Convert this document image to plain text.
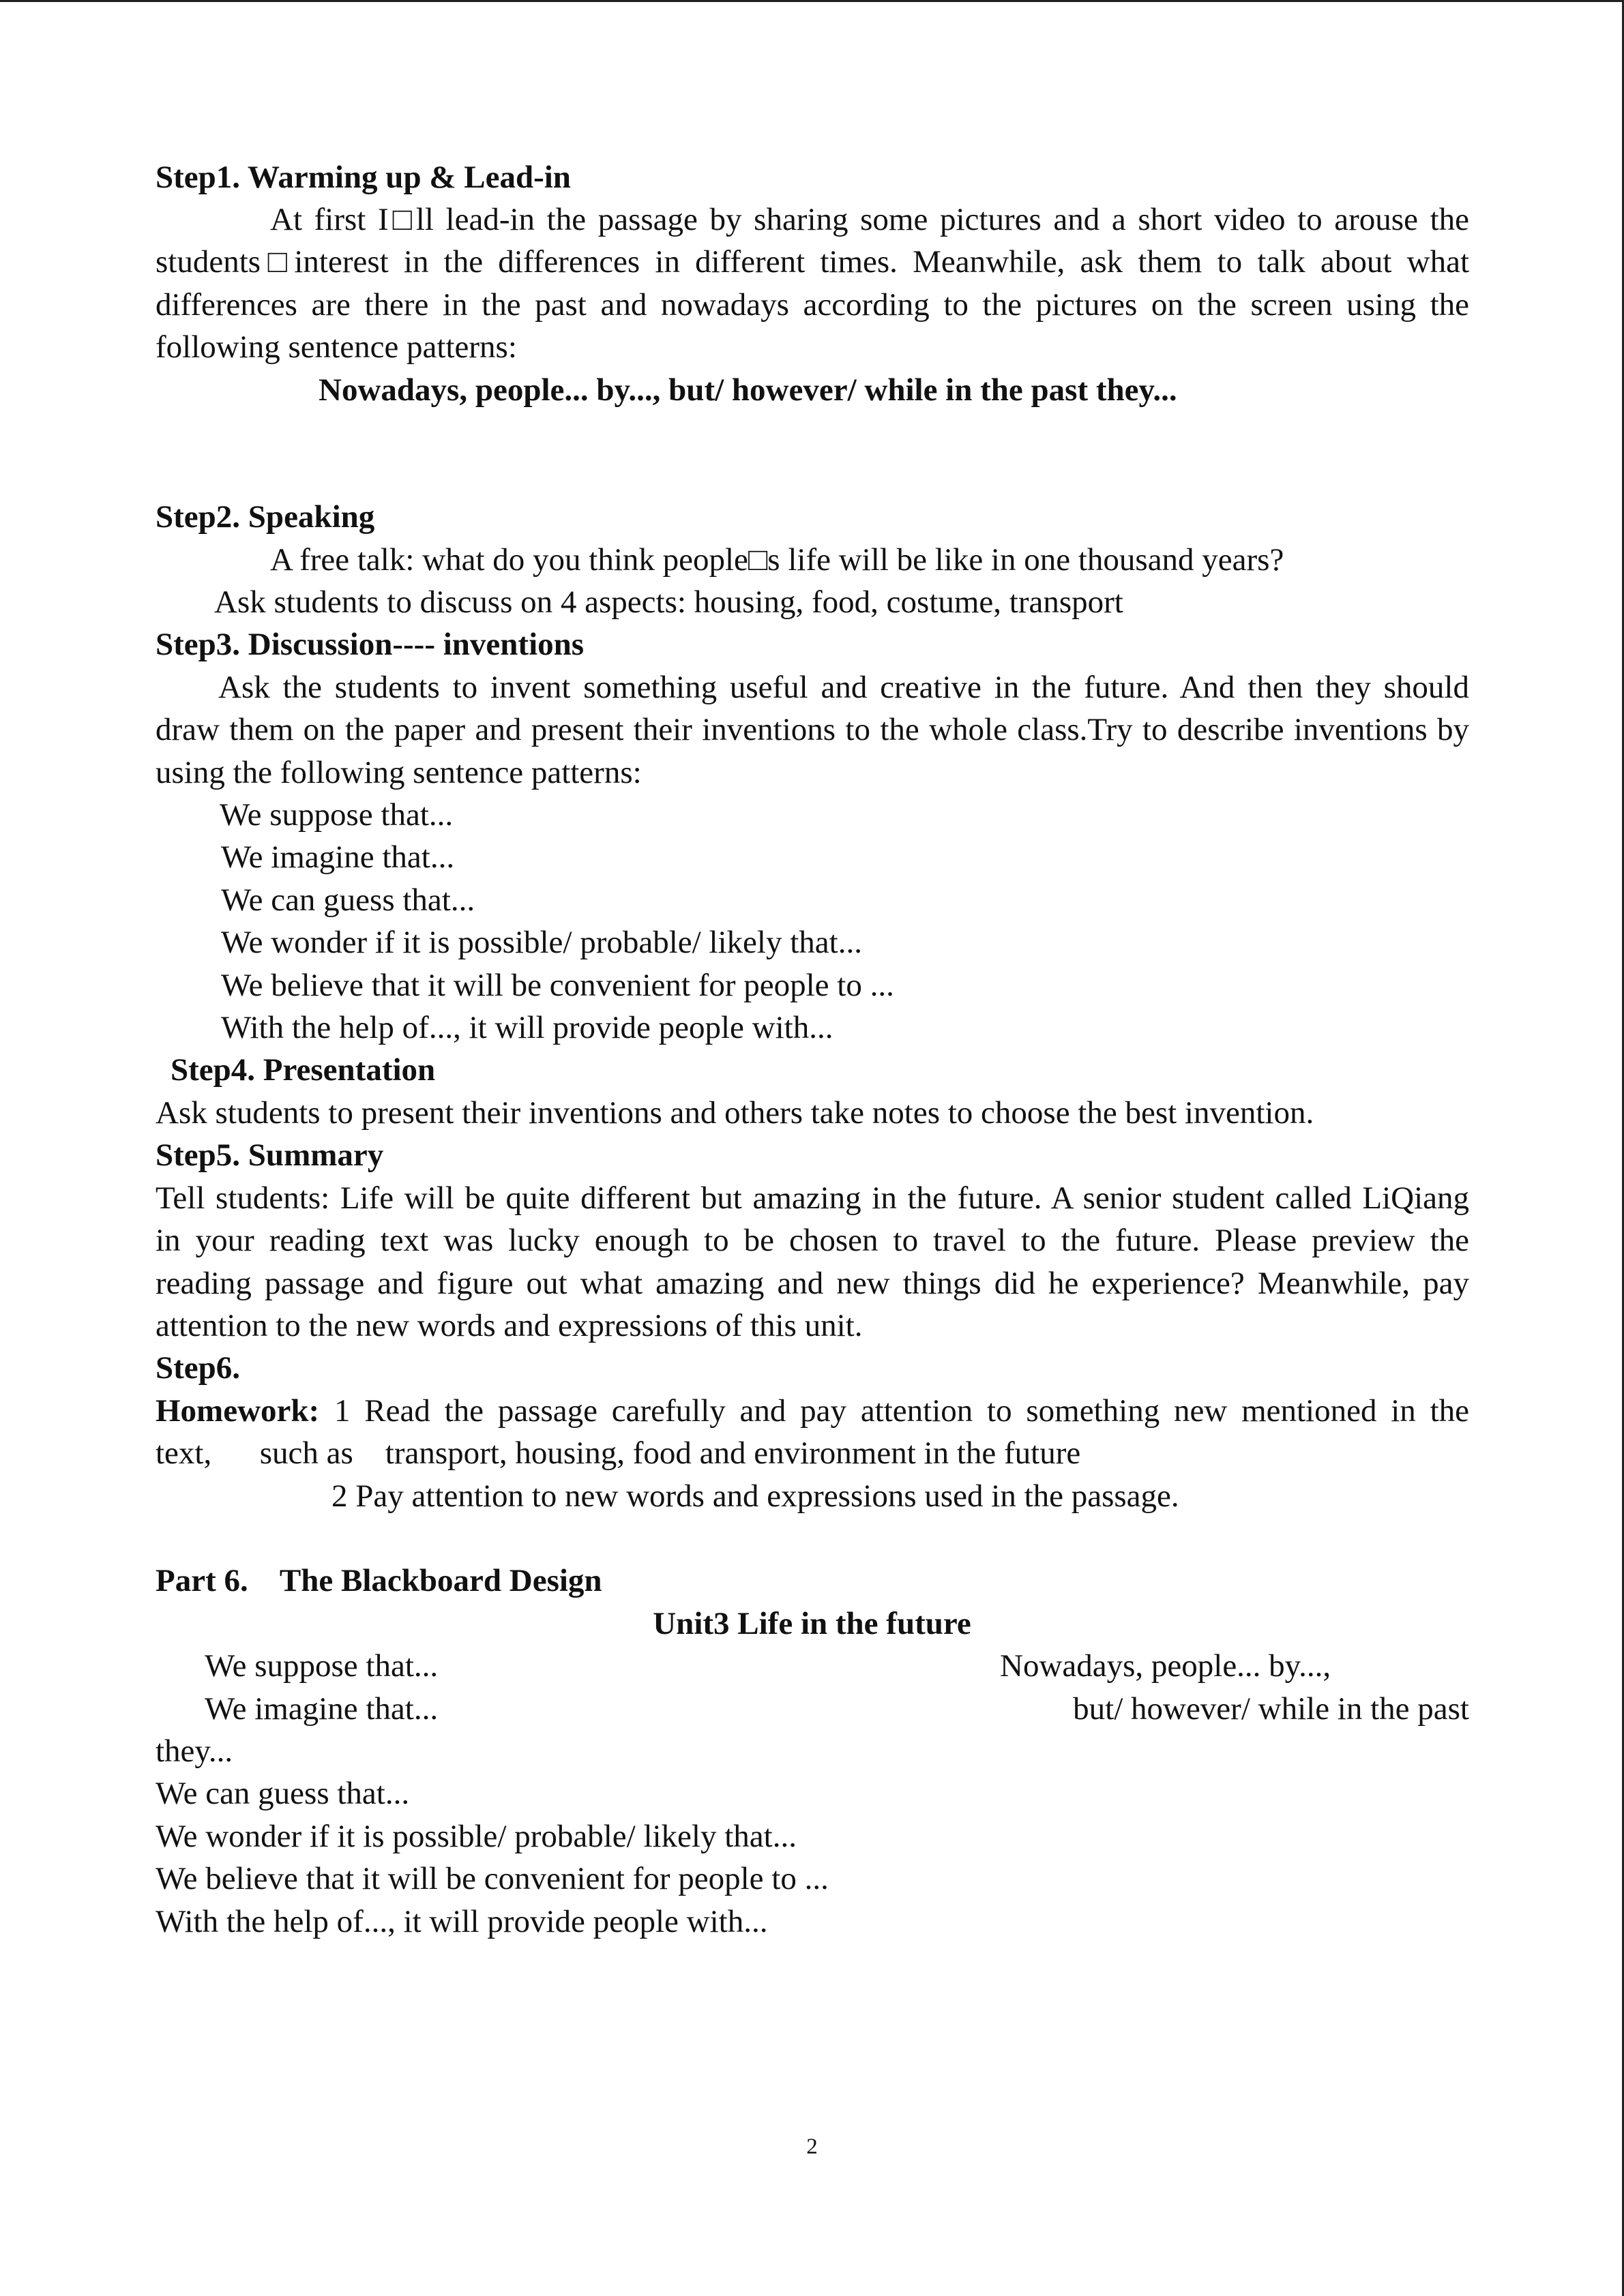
Step1. Warming up & Lead-in
At first I□ll lead-in the passage by sharing some pictures and a short video to arouse the
students□interest in the differences in different times. Meanwhile, ask them to talk about what
differences are there in the past and nowadays according to the pictures on the screen using the
following sentence patterns:
Nowadays, people... by..., but/ however/ while in the past they...
Step2. Speaking
A free talk: what do you think people□s life will be like in one thousand years?
Ask students to discuss on 4 aspects: housing, food, costume, transport
Step3. Discussion---- inventions
Ask the students to invent something useful and creative in the future. And then they should
draw them on the paper and present their inventions to the whole class.Try to describe inventions by
using the following sentence patterns:
We suppose that...
We imagine that...
We can guess that...
We wonder if it is possible/ probable/ likely that...
We believe that it will be convenient for people to ...
With the help of..., it will provide people with...
Step4. Presentation
Ask students to present their inventions and others take notes to choose the best invention.
Step5. Summary
Tell students: Life will be quite different but amazing in the future. A senior student called LiQiang
in your reading text was lucky enough to be chosen to travel to the future. Please preview the
reading passage and figure out what amazing and new things did he experience? Meanwhile, pay
attention to the new words and expressions of this unit.
Step6.
Homework: 1 Read the passage carefully and pay attention to something new mentioned in the
text,      such as    transport, housing, food and environment in the future
2 Pay attention to new words and expressions used in the passage.
Part 6.    The Blackboard Design
Unit3 Life in the future
We suppose that...	Nowadays, people... by...,
We imagine that...	but/ however/ while in the past
they...
We can guess that...
We wonder if it is possible/ probable/ likely that...
We believe that it will be convenient for people to ...
With the help of..., it will provide people with...
2
